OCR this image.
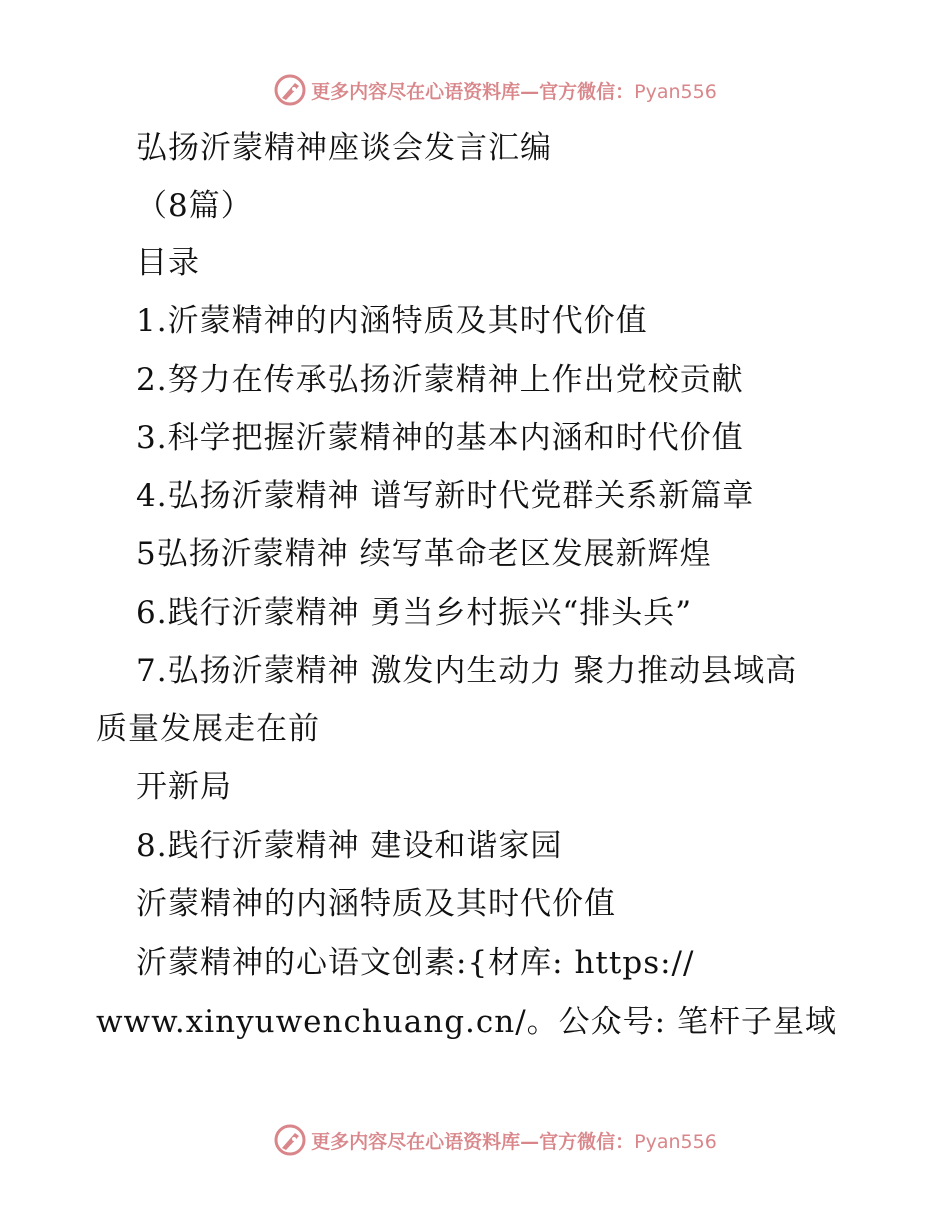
更多内容尽在心语资料库—官方微信：Pyan556
弘扬沂蒙精神座谈会发言汇编
（8篇）
目录
1.沂蒙精神的内涵特质及其时代价值
2.努力在传承弘扬沂蒙精神上作出党校贡献
3.科学把握沂蒙精神的基本内涵和时代价值
4.弘扬沂蒙精神 谱写新时代党群关系新篇章
5弘扬沂蒙精神 续写革命老区发展新辉煌
6.践行沂蒙精神 勇当乡村振兴“排头兵”
7.弘扬沂蒙精神 激发内生动力 聚力推动县域高
质量发展走在前
开新局
8.践行沂蒙精神 建设和谐家园
沂蒙精神的内涵特质及其时代价值
沂蒙精神的心语文创素:{材库: https://
www.xinyuwenchuang.cn/。公众号: 笔杆子星域
更多内容尽在心语资料库—官方微信：Pyan556
